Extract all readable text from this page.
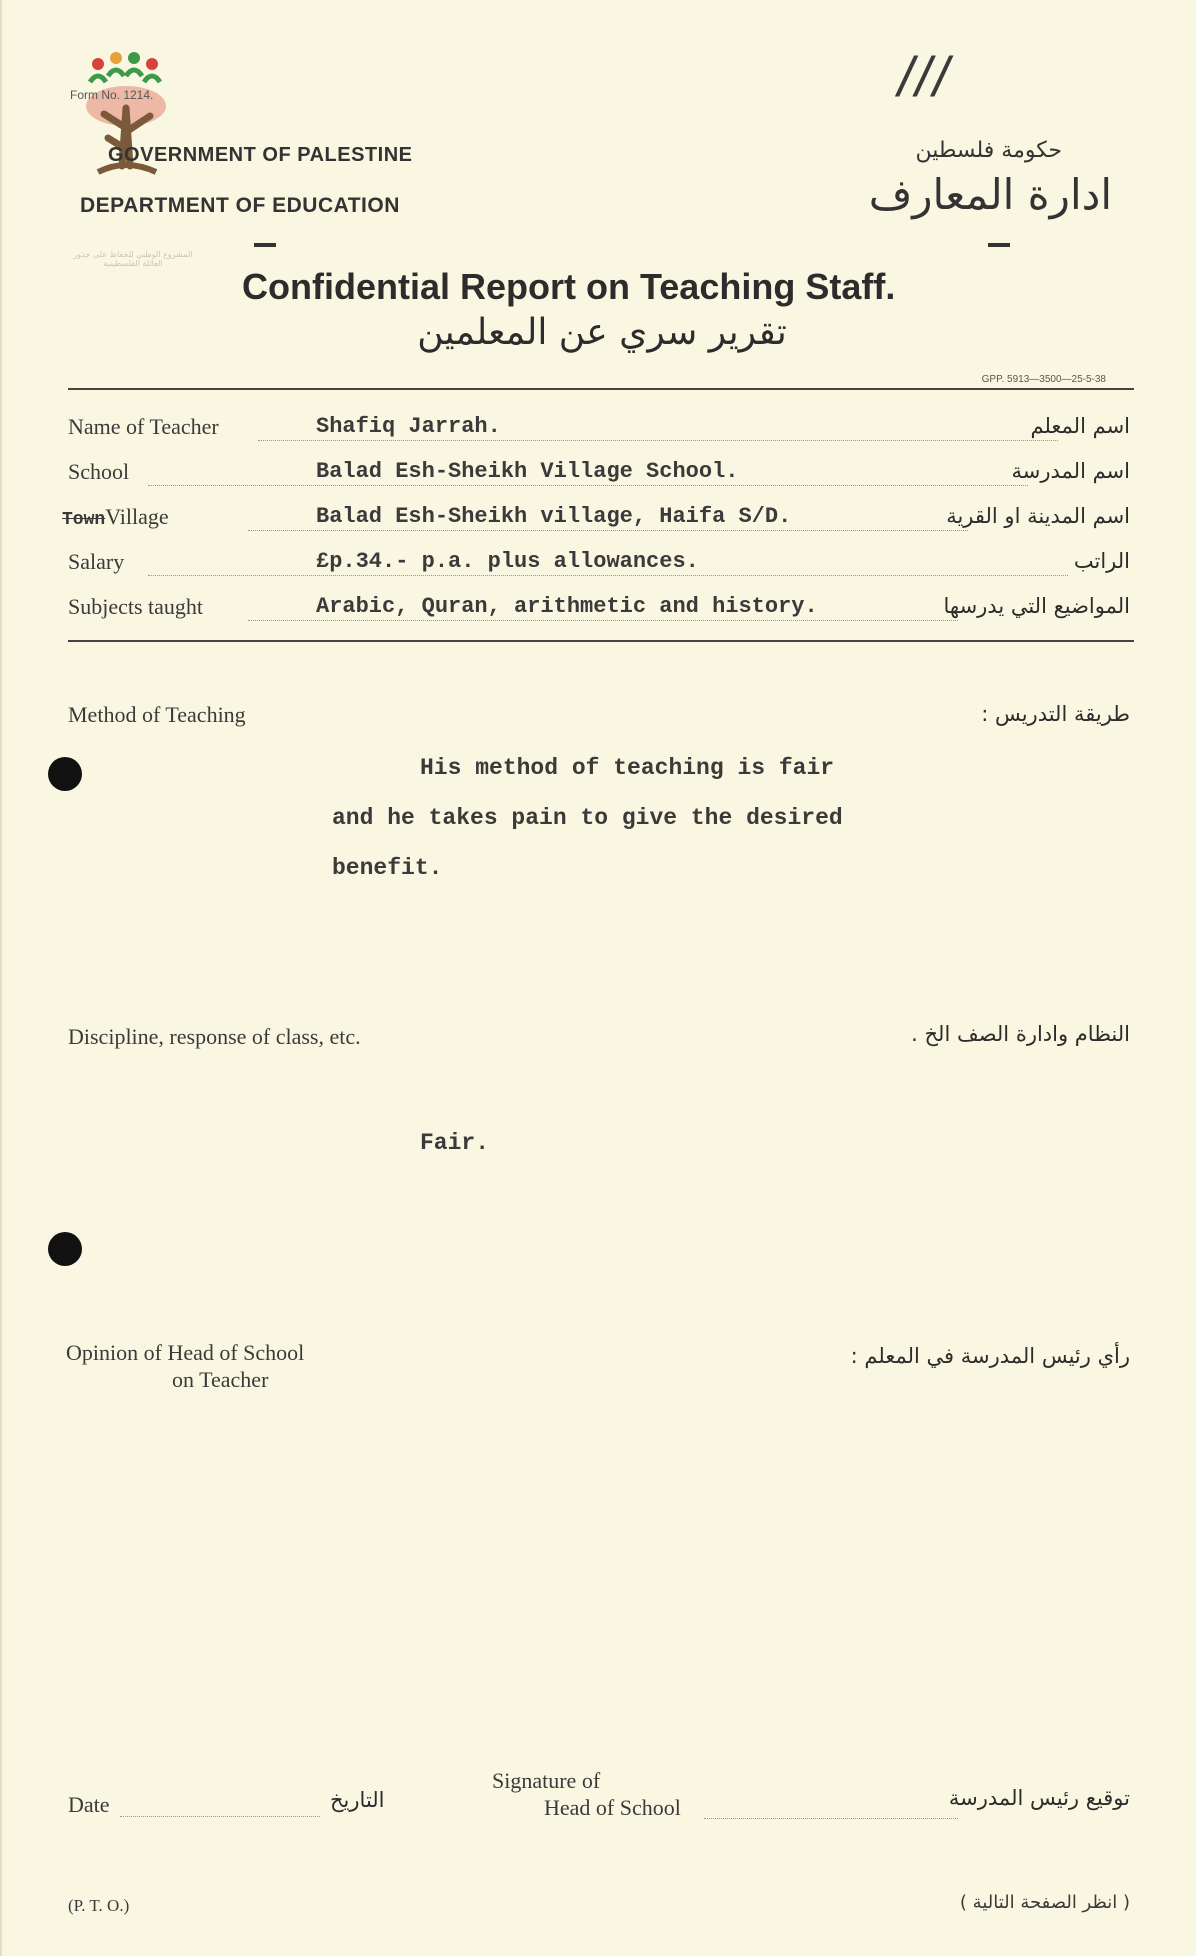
المشروع الوطني للحفاظ على جذور العائلة الفلسطينية
Form No. 1214.	///
GOVERNMENT OF PALESTINE
DEPARTMENT OF EDUCATION
حكومة فلسطين
ادارة المعارف
Confidential Report on Teaching Staff.
تقرير سري عن المعلمين
GPP. 5913—3500—25-5-38
Name of Teacher	Shafiq Jarrah.	اسم المعلم
School	Balad Esh-Sheikh Village School.	اسم المدرسة
TownVillage	Balad Esh-Sheikh village, Haifa S/D.	اسم المدينة او القرية
Salary	£p.34.- p.a. plus allowances.	الراتب
Subjects taught	Arabic, Quran, arithmetic and history.	المواضيع التي يدرسها
Method of Teaching	طريقة التدريس :
His method of teaching is fair
and he takes pain to give the desired
benefit.
Discipline, response of class, etc.	النظام وادارة الصف الخ .
Fair.
Opinion of Head of School
on Teacher
رأي رئيس المدرسة في المعلم :
Date	التاريخ
Signature of
Head of School	توقيع رئيس المدرسة
(P. T. O.)	( انظر الصفحة التالية )
